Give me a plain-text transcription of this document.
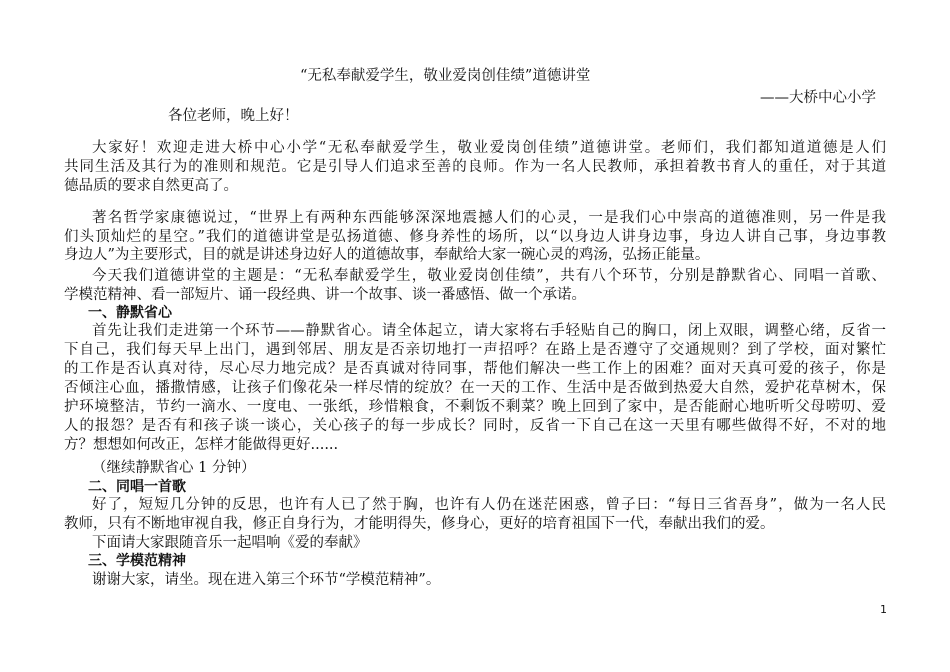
“无私奉献爱学生，敬业爱岗创佳绩”道德讲堂
——大桥中心小学
各位老师，晚上好！
大家好！欢迎走进大桥中心小学“无私奉献爱学生，敬业爱岗创佳绩”道德讲堂。老师们，我们都知道道德是人们
共同生活及其行为的准则和规范。它是引导人们追求至善的良师。作为一名人民教师，承担着教书育人的重任，对于其道
德品质的要求自然更高了。
著名哲学家康德说过，“世界上有两种东西能够深深地震撼人们的心灵，一是我们心中崇高的道德准则，另一件是我
们头顶灿烂的星空。”我们的道德讲堂是弘扬道德、修身养性的场所，以“以身边人讲身边事，身边人讲自己事，身边事教
身边人”为主要形式，目的就是讲述身边好人的道德故事，奉献给大家一碗心灵的鸡汤，弘扬正能量。
今天我们道德讲堂的主题是：“无私奉献爱学生，敬业爱岗创佳绩”，共有八个环节，分别是静默省心、同唱一首歌、
学模范精神、看一部短片、诵一段经典、讲一个故事、谈一番感悟、做一个承诺。
一、静默省心
首先让我们走进第一个环节——静默省心。请全体起立，请大家将右手轻贴自己的胸口，闭上双眼，调整心绪，反省一
下自己，我们每天早上出门，遇到邻居、朋友是否亲切地打一声招呼？在路上是否遵守了交通规则？到了学校，面对繁忙
的工作是否认真对待，尽心尽力地完成？是否真诚对待同事，帮他们解决一些工作上的困难？面对天真可爱的孩子，你是
否倾注心血，播撒情感，让孩子们像花朵一样尽情的绽放？在一天的工作、生活中是否做到热爱大自然，爱护花草树木，保
护环境整洁，节约一滴水、一度电、一张纸，珍惜粮食，不剩饭不剩菜？晚上回到了家中，是否能耐心地听听父母唠叨、爱
人的报怨？是否有和孩子谈一谈心，关心孩子的每一步成长？同时，反省一下自己在这一天里有哪些做得不好，不对的地
方？想想如何改正，怎样才能做得更好......
（继续静默省心 1 分钟）
二、同唱一首歌
好了，短短几分钟的反思，也许有人已了然于胸，也许有人仍在迷茫困惑，曾子曰：“每日三省吾身”，做为一名人民
教师，只有不断地审视自我，修正自身行为，才能明得失，修身心，更好的培育祖国下一代，奉献出我们的爱。
下面请大家跟随音乐一起唱响《爱的奉献》
三、学模范精神
谢谢大家，请坐。现在进入第三个环节“学模范精神”。
1
